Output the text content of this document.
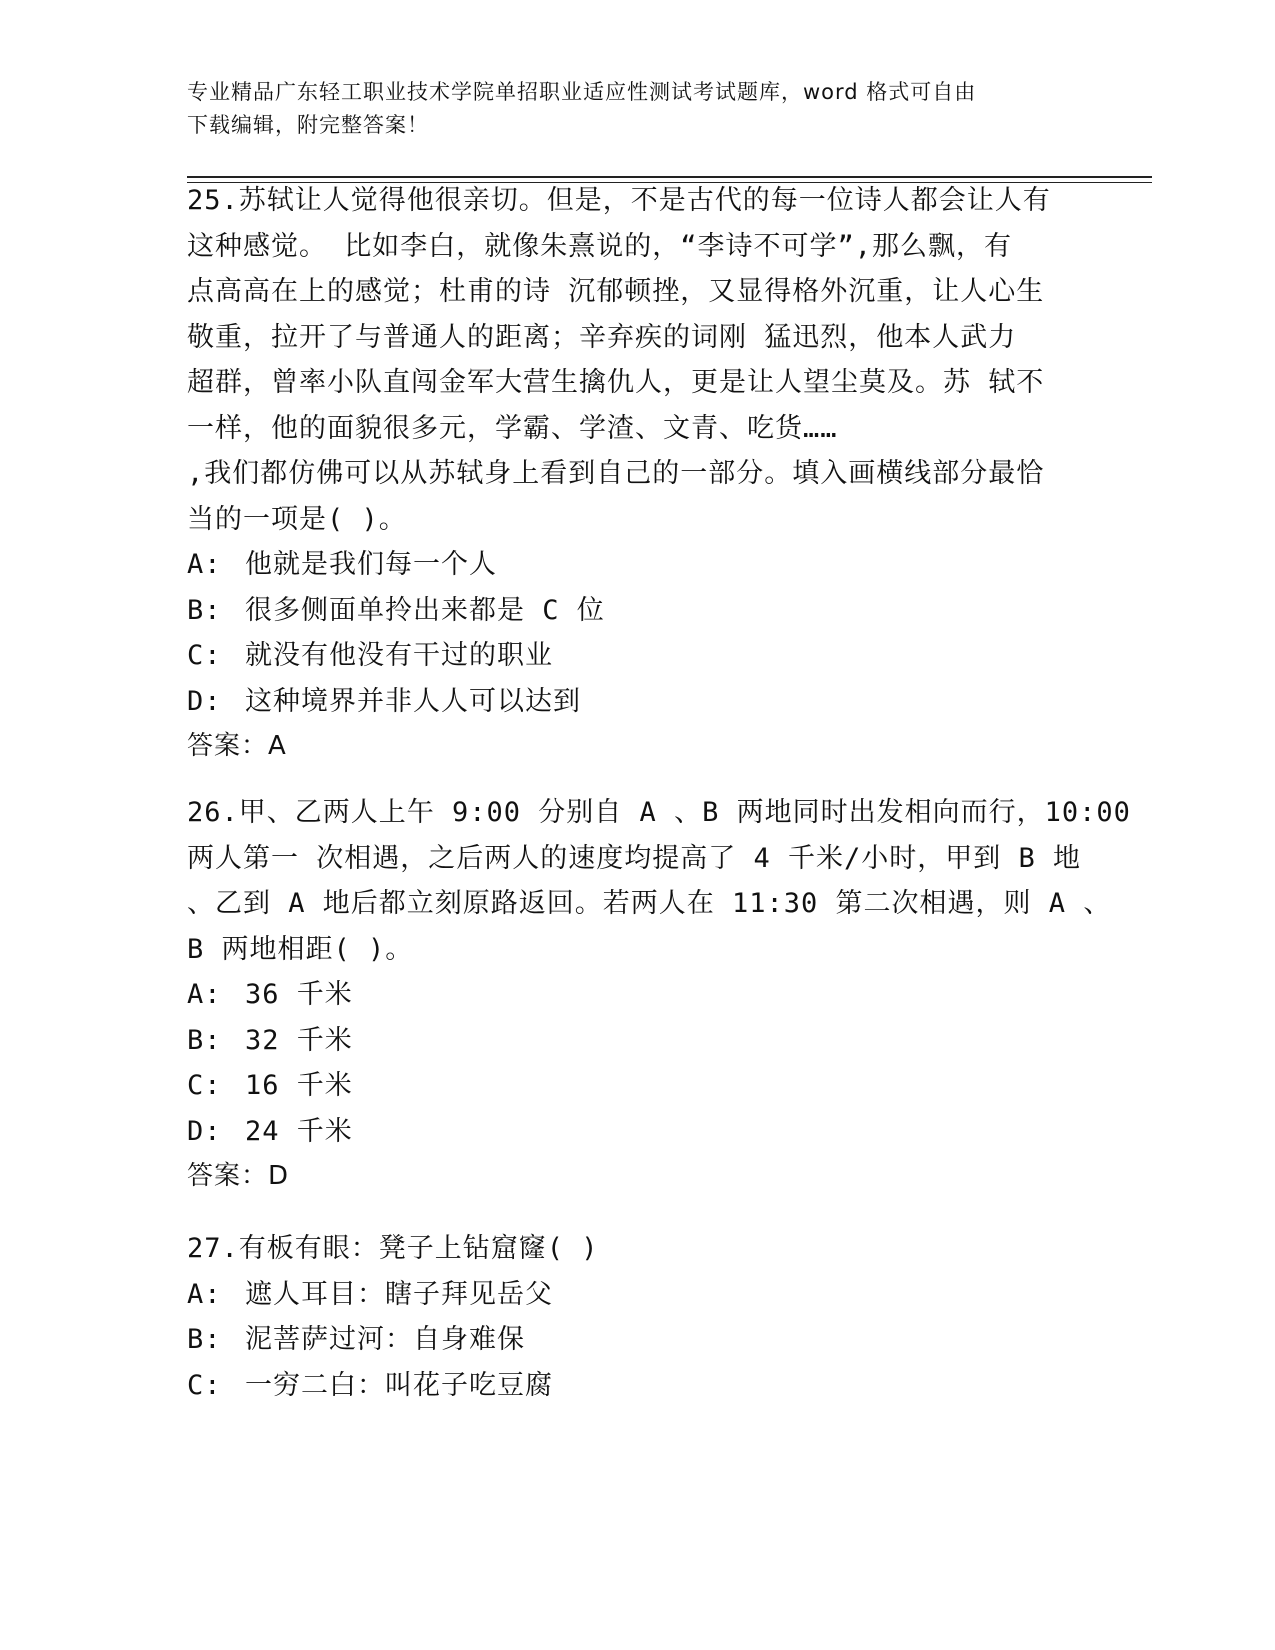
专业精品广东轻工职业技术学院单招职业适应性测试考试题库，word 格式可自由
下载编辑，附完整答案！

25.苏轼让人觉得他很亲切。但是，不是古代的每一位诗人都会让人有

这种感觉。 比如李白，就像朱熹说的，“李诗不可学”,那么飘，有

点高高在上的感觉；杜甫的诗 沉郁顿挫，又显得格外沉重，让人心生

敬重，拉开了与普通人的距离；辛弃疾的词刚 猛迅烈，他本人武力

超群，曾率小队直闯金军大营生擒仇人，更是让人望尘莫及。苏 轼不

一样，他的面貌很多元，学霸、学渣、文青、吃货……

,我们都仿佛可以从苏轼身上看到自己的一部分。填入画横线部分最恰

当的一项是( )。

A: 他就是我们每一个人

B: 很多侧面单拎出来都是 C 位

C: 就没有他没有干过的职业

D: 这种境界并非人人可以达到

答案：A

26.甲、乙两人上午 9:00 分别自 A 、B 两地同时出发相向而行，10:00

两人第一 次相遇，之后两人的速度均提高了 4 千米/小时，甲到 B 地

、乙到 A 地后都立刻原路返回。若两人在 11:30 第二次相遇，则 A 、

B 两地相距( )。

A: 36 千米

B: 32 千米

C: 16 千米

D: 24 千米

答案：D

27.有板有眼：凳子上钻窟窿( )

A: 遮人耳目：瞎子拜见岳父

B: 泥菩萨过河：自身难保

C: 一穷二白：叫花子吃豆腐
